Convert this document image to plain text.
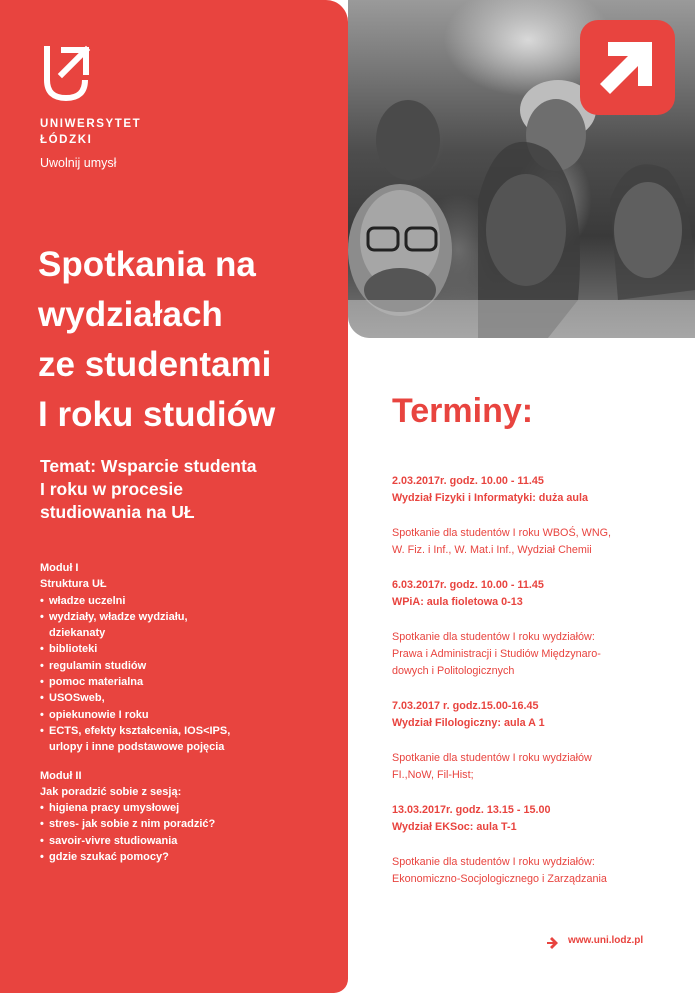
UNIWERSYTET
ŁÓDZKI
Uwolnij umysł
Spotkania na
wydziałach
ze studentami
I roku studiów
Temat: Wsparcie studenta
I roku w procesie
studiowania na UŁ
Moduł I
Struktura UŁ
• władze uczelni
• wydziały, władze wydziału,
dziekanaty
• biblioteki
• regulamin studiów
• pomoc materialna
• USOSweb,
• opiekunowie I roku
• ECTS, efekty kształcenia, IOS<IPS,
urlopy i inne podstawowe pojęcia
Moduł II
Jak poradzić sobie z sesją:
• higiena pracy umysłowej
• stres- jak sobie z nim poradzić?
• savoir-vivre studiowania
• gdzie szukać pomocy?
Terminy:
2.03.2017r. godz. 10.00 - 11.45
Wydział Fizyki i Informatyki: duża aula
Spotkanie dla studentów I roku WBOŚ, WNG,
W. Fiz. i Inf., W. Mat.i Inf., Wydział Chemii
6.03.2017r. godz. 10.00 - 11.45
WPiA: aula fioletowa 0-13
Spotkanie dla studentów I roku wydziałów:
Prawa i Administracji i Studiów Międzynaro-
dowych i Politologicznych
7.03.2017 r. godz.15.00-16.45
Wydział Filologiczny: aula A 1
Spotkanie dla studentów I roku wydziałów
FI.,NoW, Fil-Hist;
13.03.2017r. godz. 13.15 - 15.00
Wydział EKSoc: aula T-1
Spotkanie dla studentów I roku wydziałów:
Ekonomiczno-Socjologicznego i Zarządzania
www.uni.lodz.pl
